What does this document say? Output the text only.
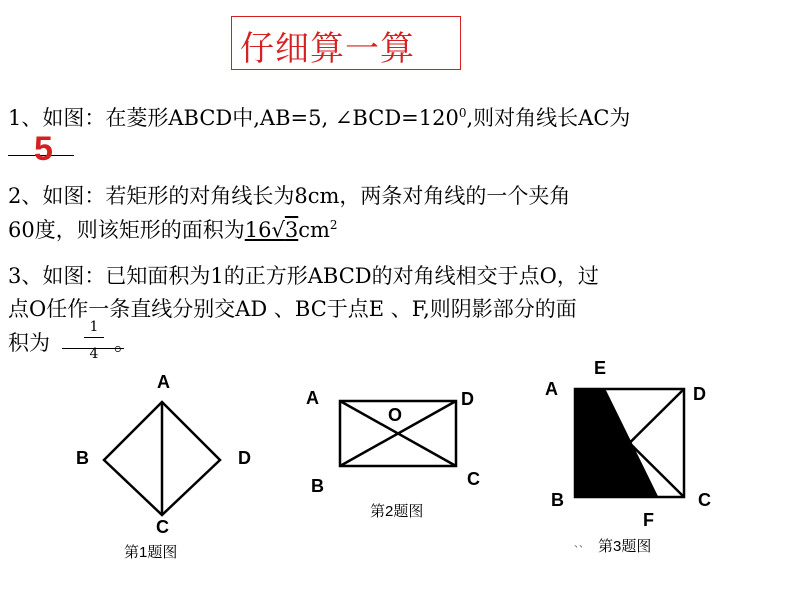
仔细算一算
1、如图：在菱形ABCD中,AB=5, $\angle BCD=120^0$,则对角线长AC为
5
2、如图：若矩形的对角线长为8cm，两条对角线的一个夹角
60度，则该矩形的面积为$16√3cm^2$
3、如图：已知面积为1的正方形ABCD的对角线相交于点O，过
点O任作一条直线分别交AD 、BC于点E 、F,则阴影部分的面
积为	。
1
4
A
B	D
C
第1题图
A	D
O
B	C
第2题图
E
A	D
O
B	C
F
、、 第3题图
